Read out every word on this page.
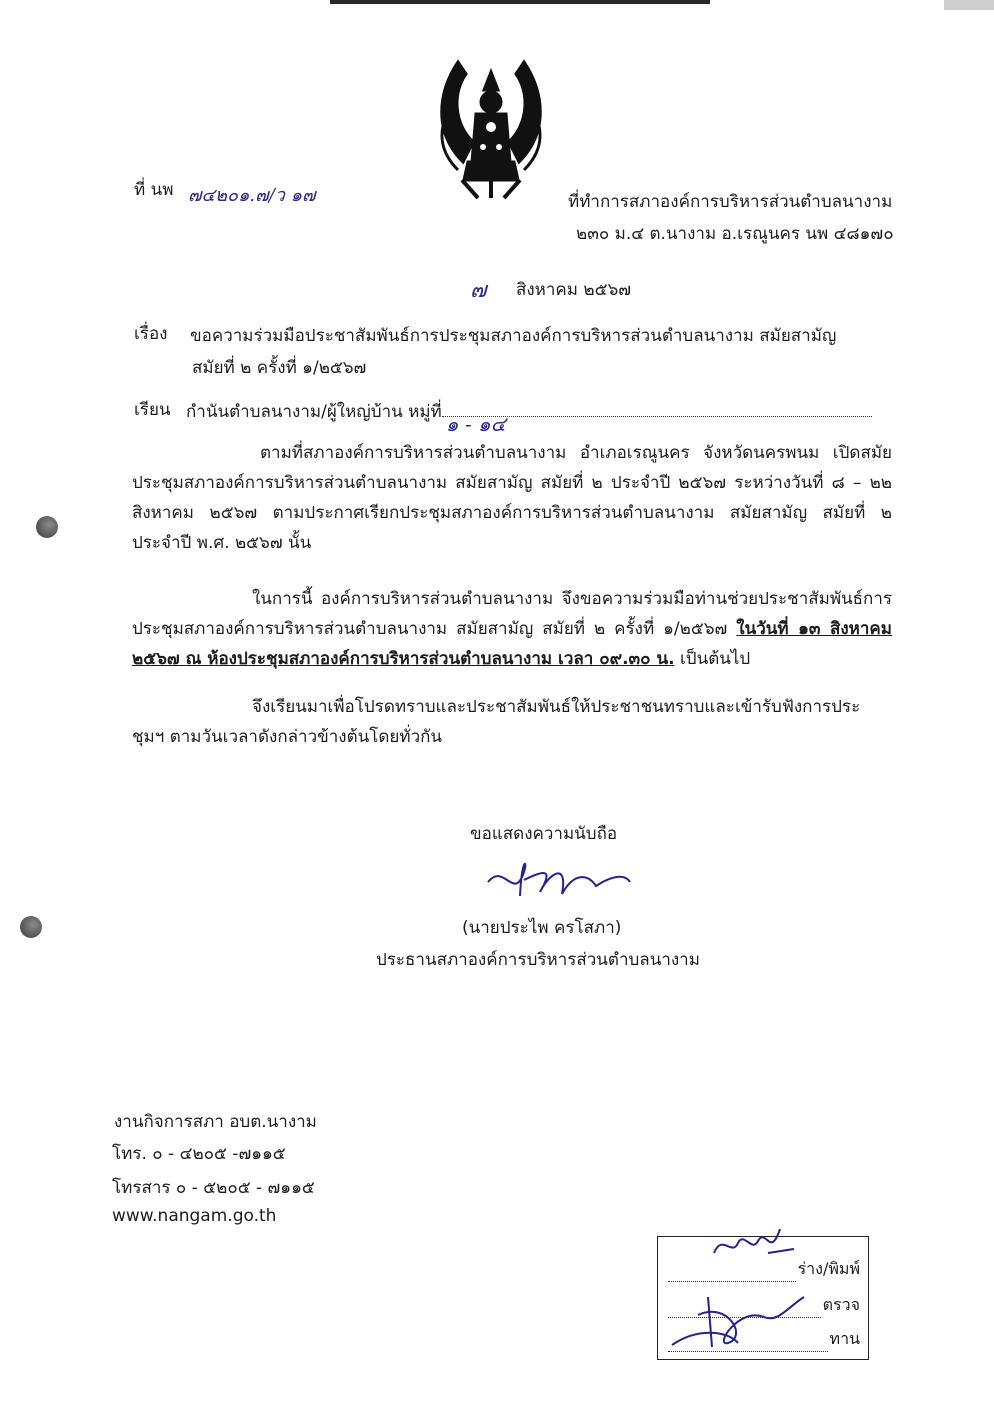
ที่ นพ ๗๔๒๐๑.๗/ว ๑๗	ที่ทำการสภาองค์การบริหารส่วนตำบลนางาม
๒๓๐ ม.๔ ต.นางาม อ.เรณูนคร นพ ๔๘๑๗๐
๗ สิงหาคม ๒๕๖๗
เรื่อง ขอความร่วมมือประชาสัมพันธ์การประชุมสภาองค์การบริหารส่วนตำบลนางาม สมัยสามัญ
สมัยที่ ๒ ครั้งที่ ๑/๒๕๖๗
เรียน กำนันตำบลนางาม/ผู้ใหญ่บ้าน หมู่ที่ ๑ - ๑๔
ตามที่สภาองค์การบริหารส่วนตำบลนางาม อำเภอเรณูนคร จังหวัดนครพนม เปิดสมัยประชุมสภาองค์การบริหารส่วนตำบลนางาม สมัยสามัญ สมัยที่ ๒ ประจำปี ๒๕๖๗ ระหว่างวันที่ ๘ – ๒๒ สิงหาคม ๒๕๖๗ ตามประกาศเรียกประชุมสภาองค์การบริหารส่วนตำบลนางาม สมัยสามัญ สมัยที่ ๒ ประจำปี พ.ศ. ๒๕๖๗ นั้น
ในการนี้ องค์การบริหารส่วนตำบลนางาม จึงขอความร่วมมือท่านช่วยประชาสัมพันธ์การประชุมสภาองค์การบริหารส่วนตำบลนางาม สมัยสามัญ สมัยที่ ๒ ครั้งที่ ๑/๒๕๖๗ ในวันที่ ๑๓ สิงหาคม ๒๕๖๗ ณ ห้องประชุมสภาองค์การบริหารส่วนตำบลนางาม เวลา ๐๙.๓๐ น. เป็นต้นไป
จึงเรียนมาเพื่อโปรดทราบและประชาสัมพันธ์ให้ประชาชนทราบและเข้ารับฟังการประชุมฯ ตามวันเวลาดังกล่าวข้างต้นโดยทั่วกัน
ขอแสดงความนับถือ
(นายประไพ ครโสภา)
ประธานสภาองค์การบริหารส่วนตำบลนางาม
งานกิจการสภา อบต.นางาม
โทร. ๐ - ๔๒๐๕ -๗๑๑๕
โทรสาร ๐ - ๕๒๐๕ - ๗๑๑๕
www.nangam.go.th
ร่าง/พิมพ์
ตรวจ
ทาน
